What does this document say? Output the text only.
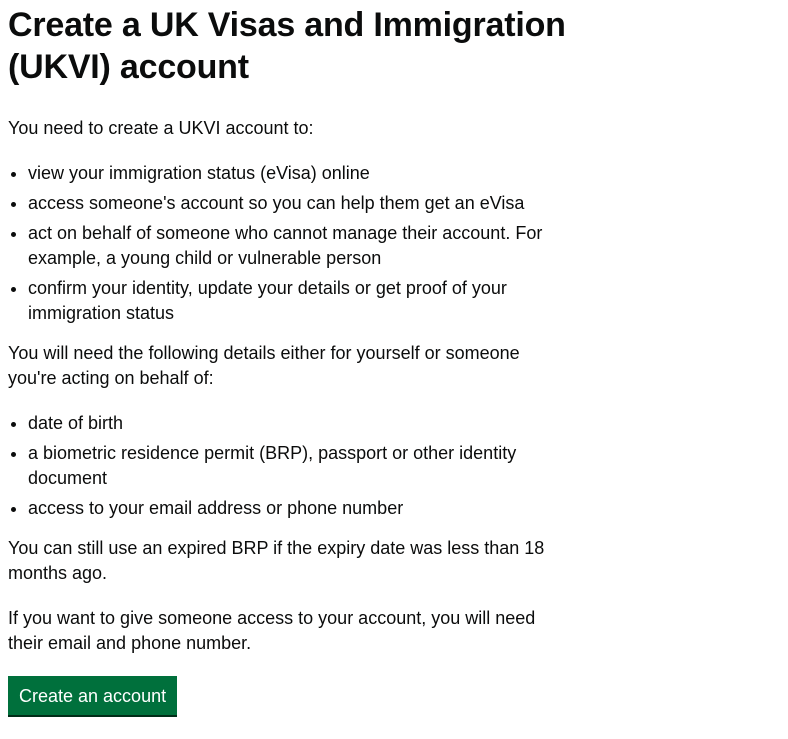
Create a UK Visas and Immigration (UKVI) account

You need to create a UKVI account to:

view your immigration status (eVisa) online
access someone's account so you can help them get an eVisa
act on behalf of someone who cannot manage their account. For example, a young child or vulnerable person
confirm your identity, update your details or get proof of your immigration status

You will need the following details either for yourself or someone you're acting on behalf of:

date of birth
a biometric residence permit (BRP), passport or other identity document
access to your email address or phone number

You can still use an expired BRP if the expiry date was less than 18 months ago.

If you want to give someone access to your account, you will need their email and phone number.

Create an account
